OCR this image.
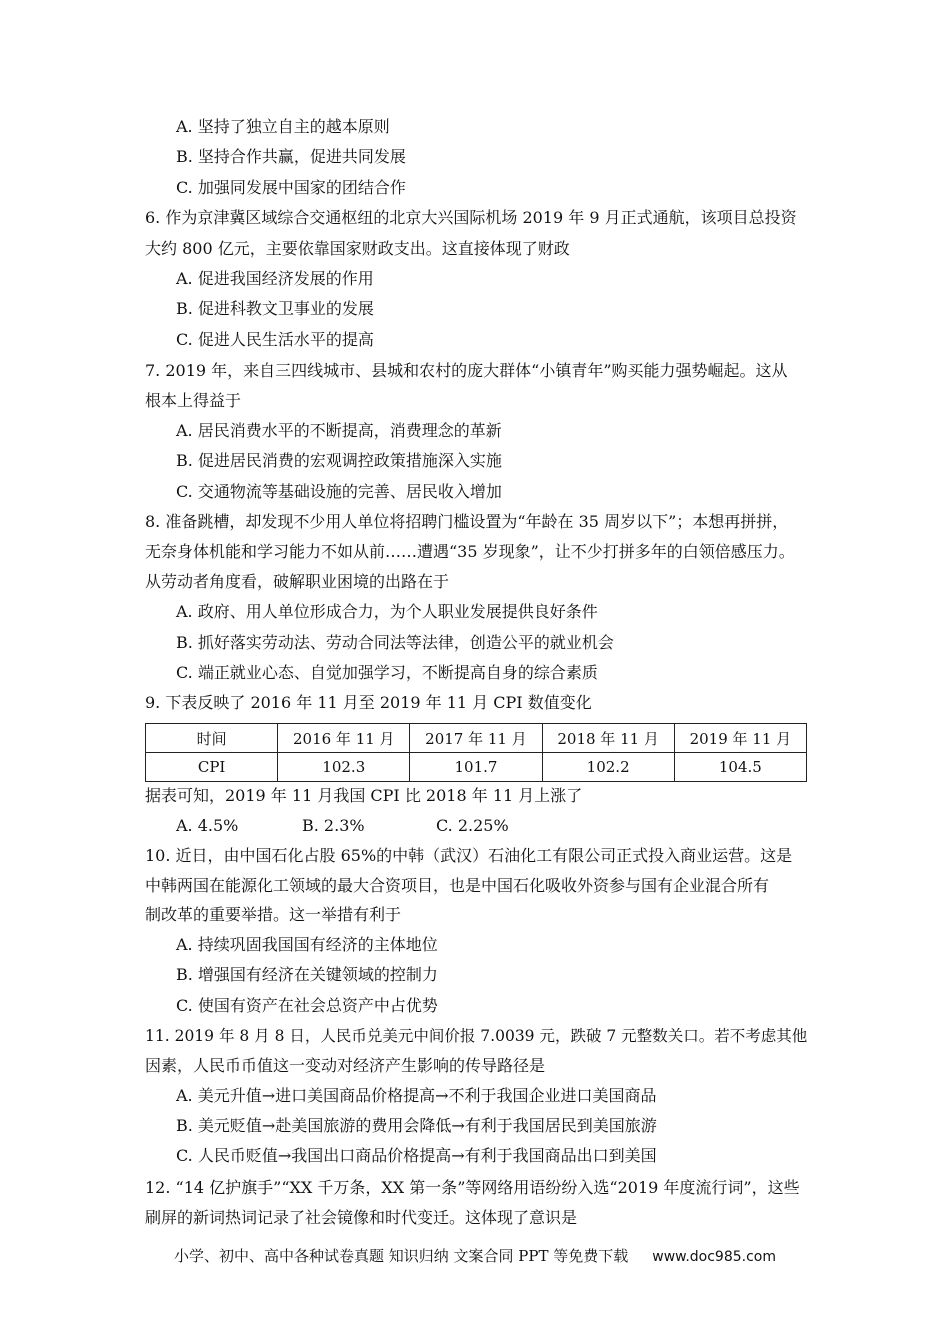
A. 坚持了独立自主的越本原则
B. 坚持合作共赢，促进共同发展
C. 加强同发展中国家的团结合作
6. 作为京津冀区域综合交通枢纽的北京大兴国际机场 2019 年 9 月正式通航，该项目总投资
大约 800 亿元，主要依靠国家财政支出。这直接体现了财政
A. 促进我国经济发展的作用
B. 促进科教文卫事业的发展
C. 促进人民生活水平的提高
7. 2019 年，来自三四线城市、县城和农村的庞大群体“小镇青年”购买能力强势崛起。这从
根本上得益于
A. 居民消费水平的不断提高，消费理念的革新
B. 促进居民消费的宏观调控政策措施深入实施
C. 交通物流等基础设施的完善、居民收入增加
8. 准备跳槽，却发现不少用人单位将招聘门槛设置为“年龄在 35 周岁以下”；本想再拼拼，
无奈身体机能和学习能力不如从前……遭遇“35 岁现象”，让不少打拼多年的白领倍感压力。
从劳动者角度看，破解职业困境的出路在于
A. 政府、用人单位形成合力，为个人职业发展提供良好条件
B. 抓好落实劳动法、劳动合同法等法律，创造公平的就业机会
C. 端正就业心态、自觉加强学习，不断提高自身的综合素质
9. 下表反映了 2016 年 11 月至 2019 年 11 月 CPI 数值变化
时间	2016 年 11 月	2017 年 11 月	2018 年 11 月	2019 年 11 月
CPI	102.3	101.7	102.2	104.5
据表可知，2019 年 11 月我国 CPI 比 2018 年 11 月上涨了
A. 4.5%	B. 2.3%	C. 2.25%
10. 近日，由中国石化占股 65%的中韩（武汉）石油化工有限公司正式投入商业运营。这是
中韩两国在能源化工领域的最大合资项目，也是中国石化吸收外资参与国有企业混合所有
制改革的重要举措。这一举措有利于
A. 持续巩固我国国有经济的主体地位
B. 增强国有经济在关键领域的控制力
C. 使国有资产在社会总资产中占优势
11. 2019 年 8 月 8 日，人民币兑美元中间价报 7.0039 元，跌破 7 元整数关口。若不考虑其他
因素，人民币币值这一变动对经济产生影响的传导路径是
A. 美元升值→进口美国商品价格提高→不利于我国企业进口美国商品
B. 美元贬值→赴美国旅游的费用会降低→有利于我国居民到美国旅游
C. 人民币贬值→我国出口商品价格提高→有利于我国商品出口到美国
12. “14 亿护旗手”“XX 千万条，XX 第一条”等网络用语纷纷入选“2019 年度流行词”，这些
刷屏的新词热词记录了社会镜像和时代变迁。这体现了意识是
小学、初中、高中各种试卷真题 知识归纳 文案合同 PPT 等免费下载 www.doc985.com
